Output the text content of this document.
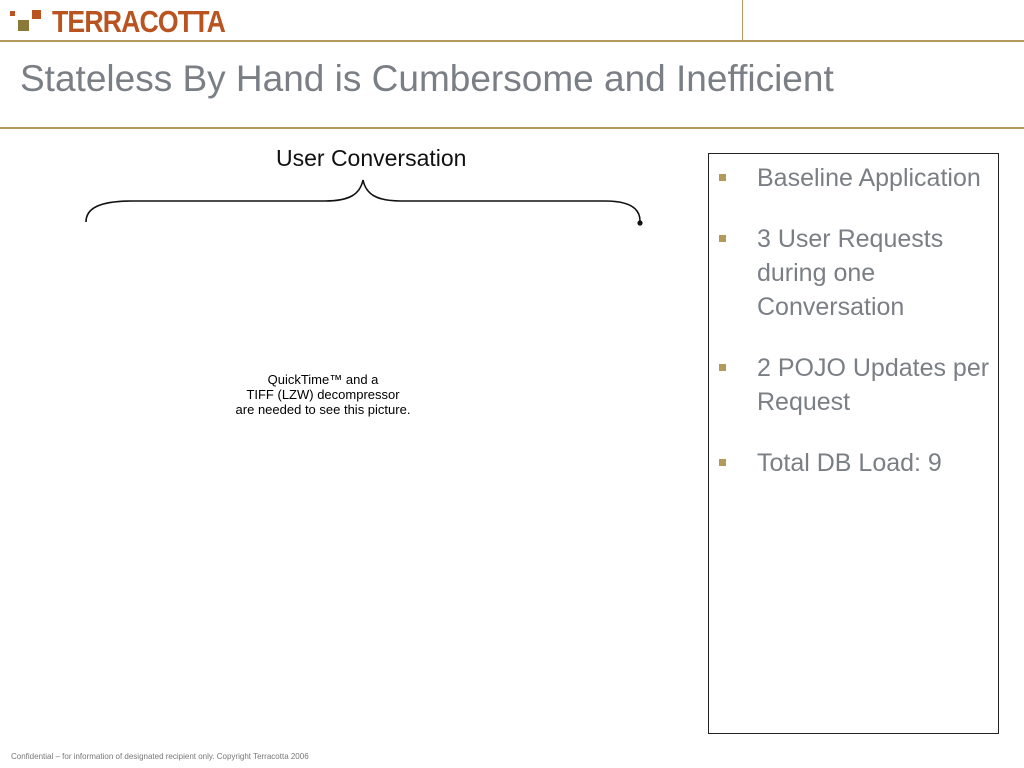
TERRACOTTA
Stateless By Hand is Cumbersome and Inefficient
User Conversation
QuickTime™ and a
TIFF (LZW) decompressor
are needed to see this picture.
Baseline Application
3 User Requests during one Conversation
2 POJO Updates per Request
Total DB Load: 9
Confidential – for information of designated recipient only. Copyright Terracotta 2006
